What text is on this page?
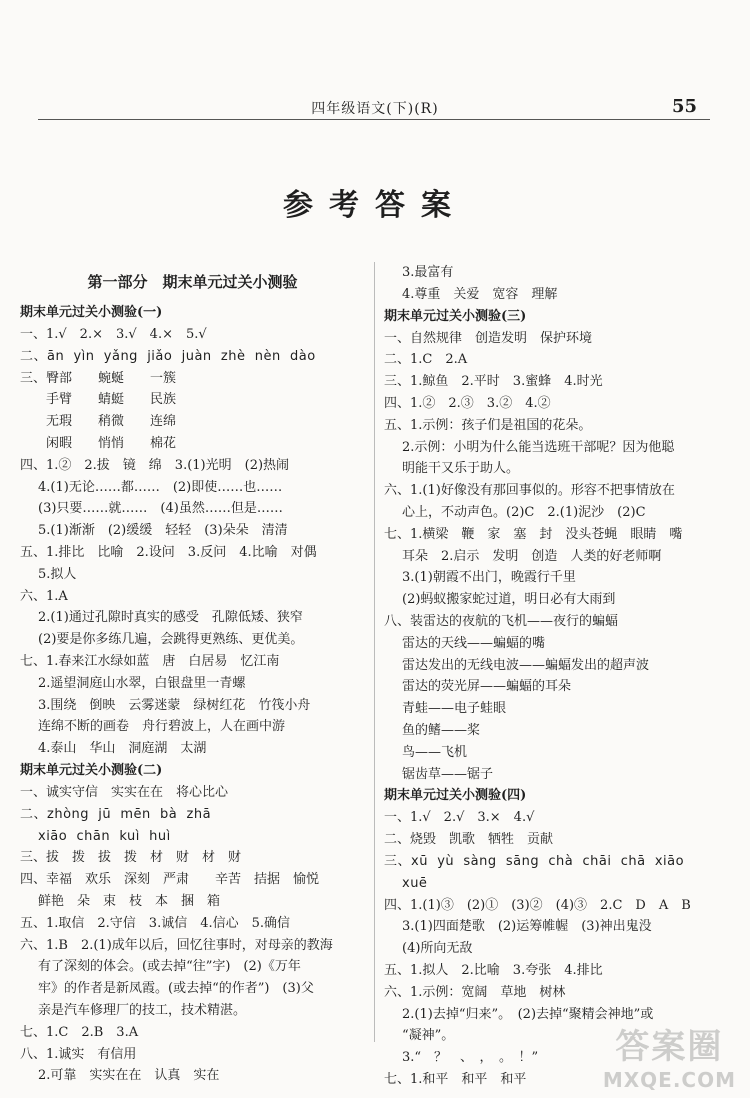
四年级语文(下)(R)	55
参考答案
第一部分　期末单元过关小测验
期末单元过关小测验(一)
一、1.√　2.×　3.√　4.×　5.√
二、ān  yìn  yǎng  jiǎo  juàn  zhè  nèn  dào
三、臀部　　蜿蜒　　一簇
　　手臂　　蜻蜓　　民族
　　无瑕　　稍微　　连绵
　　闲暇　　悄悄　　棉花
四、1.②　2.拔　镜　绵　3.(1)光明　(2)热闹
4.(1)无论……都……　(2)即使……也……
(3)只要……就……　(4)虽然……但是……
5.(1)渐渐　(2)缓缓　轻轻　(3)朵朵　清清
五、1.排比　比喻　2.设问　3.反问　4.比喻　对偶
5.拟人
六、1.A
2.(1)通过孔隙时真实的感受　孔隙低矮、狭窄
(2)要是你多练几遍，会跳得更熟练、更优美。
七、1.春来江水绿如蓝　唐　白居易　忆江南
2.遥望洞庭山水翠，白银盘里一青螺
3.围绕　倒映　云雾迷蒙　绿树红花　竹筏小舟
连绵不断的画卷　舟行碧波上，人在画中游
4.泰山　华山　洞庭湖　太湖
期末单元过关小测验(二)
一、诚实守信　实实在在　将心比心
二、zhòng  jū  mēn  bà  zhā
xiāo  chān  kuì  huì
三、拔　拨　拔　拨　材　财　材　财
四、幸福　欢乐　深刻　严肃　　辛苦　拮据　愉悦
鲜艳　朵　束　枝　本　捆　箱
五、1.取信　2.守信　3.诚信　4.信心　5.确信
六、1.B　2.(1)成年以后，回忆往事时，对母亲的教海
有了深刻的体会。(或去掉“往”字)　(2)《万年
牢》的作者是新凤霞。(或去掉“的作者”)　(3)父
亲是汽车修理厂的技工，技术精湛。
七、1.C　2.B　3.A
八、1.诚实　有信用
2.可靠　实实在在　认真　实在
3.最富有
4.尊重　关爱　宽容　理解
期末单元过关小测验(三)
一、自然规律　创造发明　保护环境
二、1.C　2.A
三、1.鲸鱼　2.平时　3.蜜蜂　4.时光
四、1.②　2.③　3.②　4.②
五、1.示例：孩子们是祖国的花朵。
2.示例：小明为什么能当选班干部呢？因为他聪
明能干又乐于助人。
六、1.(1)好像没有那回事似的。形容不把事情放在
心上，不动声色。(2)C　2.(1)泥沙　(2)C
七、1.横梁　鞭　家　塞　封　没头苍蝇　眼睛　嘴
耳朵　2.启示　发明　创造　人类的好老师啊
3.(1)朝霞不出门，晚霞行千里
(2)蚂蚁搬家蛇过道，明日必有大雨到
八、装雷达的夜航的飞机——夜行的蝙蝠
雷达的天线——蝙蝠的嘴
雷达发出的无线电波——蝙蝠发出的超声波
雷达的荧光屏——蝙蝠的耳朵
青蛙——电子蛙眼
鱼的鳍——桨
鸟——飞机
锯齿草——锯子
期末单元过关小测验(四)
一、1.√　2.√　3.×　4.√
二、烧毁　凯歌　牺牲　贡献
三、xū  yù  sàng  sāng  chà  chāi  chā  xiāo
xuē
四、1.(1)③　(2)①　(3)②　(4)③　2.C　D　A　B
3.(1)四面楚歌　(2)运筹帷幄　(3)神出鬼没
(4)所向无敌
五、1.拟人　2.比喻　3.夸张　4.排比
六、1.示例：宽阔　草地　树林
2.(1)去掉“归来”。　(2)去掉“聚精会神地”或
“凝神”。
3.“　？　、　，　。　！”
七、1.和平　和平　和平
答案圈
MXQE.COM
